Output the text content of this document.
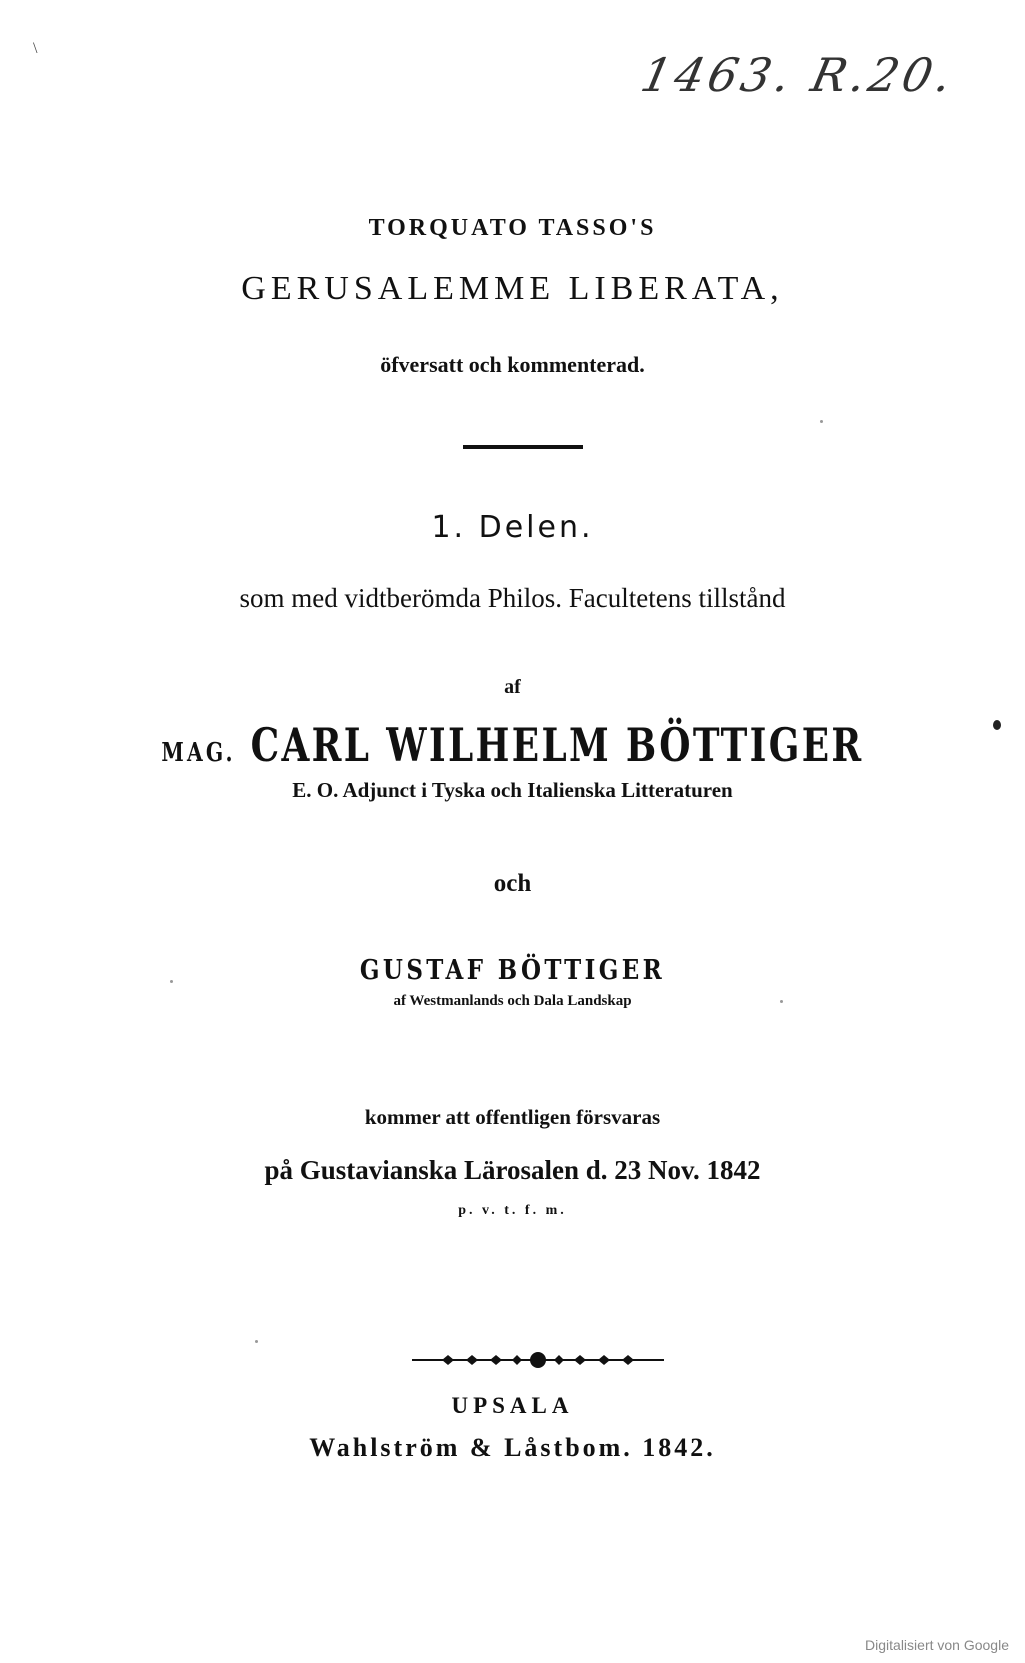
\	1463. R.20.
TORQUATO TASSO'S
GERUSALEMME LIBERATA,
öfversatt och kommenterad.
1. Delen.
som med vidtberömda Philos. Facultetens tillstånd
af
MAG. CARL WILHELM BÖTTIGER
E. O. Adjunct i Tyska och Italienska Litteraturen
och
GUSTAF BÖTTIGER
af Westmanlands och Dala Landskap
kommer att offentligen försvaras
på Gustavianska Lärosalen d. 23 Nov. 1842
p. v. t. f. m.
UPSALA
Wahlström & Låstbom. 1842.
Digitalisiert von Google
